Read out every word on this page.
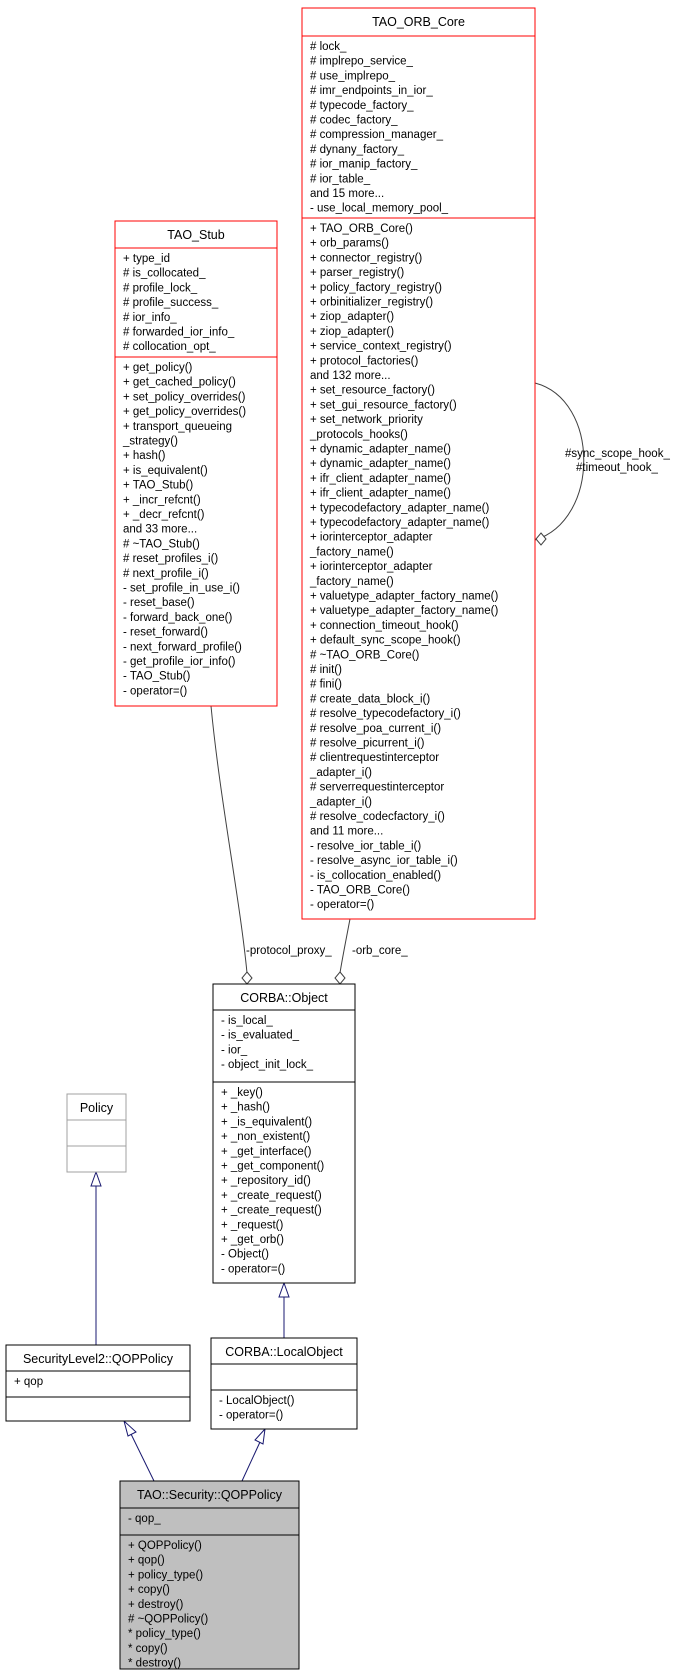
TAO_ORB_Core
# lock_
# implrepo_service_
# use_implrepo_
# imr_endpoints_in_ior_
# typecode_factory_
# codec_factory_
# compression_manager_
# dynany_factory_
# ior_manip_factory_
# ior_table_
and 15 more...
- use_local_memory_pool_
+ TAO_ORB_Core()
+ orb_params()
+ connector_registry()
+ parser_registry()
+ policy_factory_registry()
+ orbinitializer_registry()
+ ziop_adapter()
+ ziop_adapter()
+ service_context_registry()
+ protocol_factories()
and 132 more...
+ set_resource_factory()
+ set_gui_resource_factory()
+ set_network_priority
_protocols_hooks()
+ dynamic_adapter_name()
+ dynamic_adapter_name()
+ ifr_client_adapter_name()
+ ifr_client_adapter_name()
+ typecodefactory_adapter_name()
+ typecodefactory_adapter_name()
+ iorinterceptor_adapter
_factory_name()
+ iorinterceptor_adapter
_factory_name()
+ valuetype_adapter_factory_name()
+ valuetype_adapter_factory_name()
+ connection_timeout_hook()
+ default_sync_scope_hook()
# ~TAO_ORB_Core()
# init()
# fini()
# create_data_block_i()
# resolve_typecodefactory_i()
# resolve_poa_current_i()
# resolve_picurrent_i()
# clientrequestinterceptor
_adapter_i()
# serverrequestinterceptor
_adapter_i()
# resolve_codecfactory_i()
and 11 more...
- resolve_ior_table_i()
- resolve_async_ior_table_i()
- is_collocation_enabled()
- TAO_ORB_Core()
- operator=()
TAO_Stub
+ type_id
# is_collocated_
# profile_lock_
# profile_success_
# ior_info_
# forwarded_ior_info_
# collocation_opt_
+ get_policy()
+ get_cached_policy()
+ set_policy_overrides()
+ get_policy_overrides()
+ transport_queueing
_strategy()
+ hash()
+ is_equivalent()
+ TAO_Stub()
+ _incr_refcnt()
+ _decr_refcnt()
and 33 more...
# ~TAO_Stub()
# reset_profiles_i()
# next_profile_i()
- set_profile_in_use_i()
- reset_base()
- forward_back_one()
- reset_forward()
- next_forward_profile()
- get_profile_ior_info()
- TAO_Stub()
- operator=()
CORBA::Object
- is_local_
- is_evaluated_
- ior_
- object_init_lock_
+ _key()
+ _hash()
+ _is_equivalent()
+ _non_existent()
+ _get_interface()
+ _get_component()
+ _repository_id()
+ _create_request()
+ _create_request()
+ _request()
+ _get_orb()
- Object()
- operator=()
Policy
SecurityLevel2::QOPPolicy
+ qop
CORBA::LocalObject
- LocalObject()
- operator=()
TAO::Security::QOPPolicy
- qop_
+ QOPPolicy()
+ qop()
+ policy_type()
+ copy()
+ destroy()
# ~QOPPolicy()
* policy_type()
* copy()
* destroy()
-protocol_proxy_ -orb_core_
#sync_scope_hook_
#timeout_hook_
